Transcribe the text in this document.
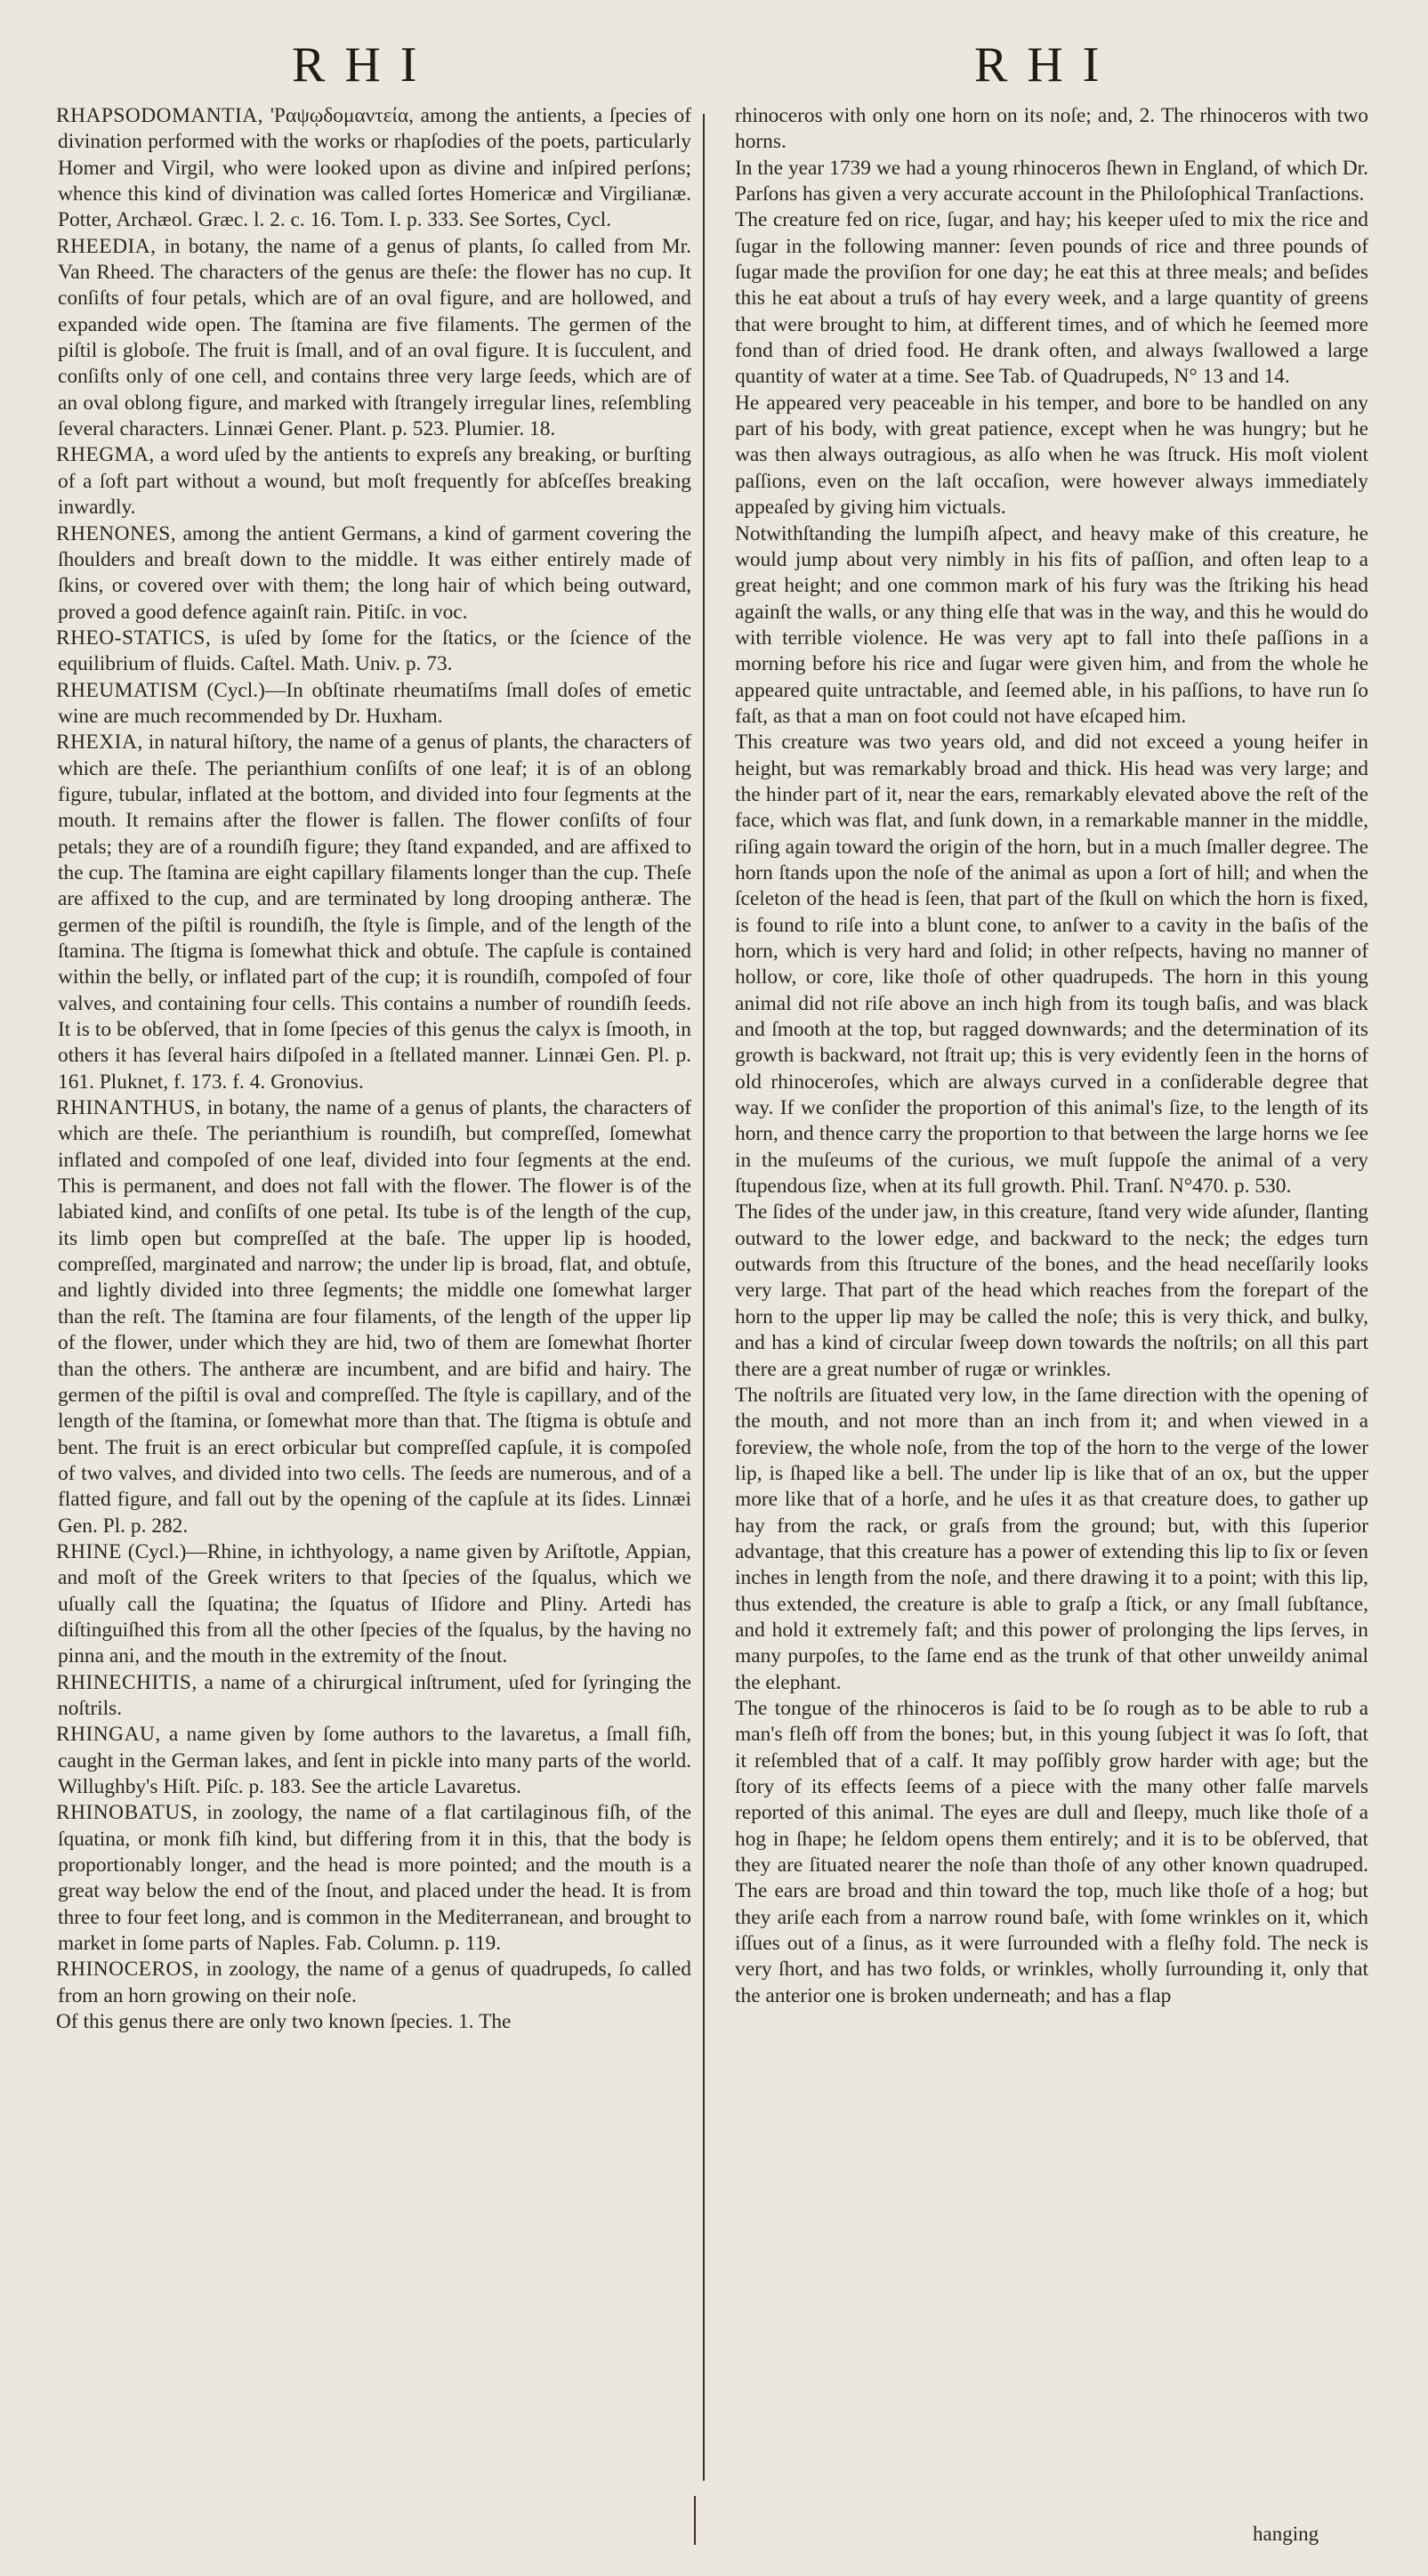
RHI	RHI

RHAPSODOMANTIA, 'Ραψῳδομαντεία, among the antients, a ſpecies of divination performed with the works or rhapſodies of the poets, particularly Homer and Virgil, who were looked upon as divine and inſpired perſons; whence this kind of divination was called ſortes Homericæ and Virgilianæ. Potter, Archæol. Græc. l. 2. c. 16. Tom. I. p. 333. See Sortes, Cycl.

RHEEDIA, in botany, the name of a genus of plants, ſo called from Mr. Van Rheed. The characters of the genus are theſe: the flower has no cup. It conſiſts of four petals, which are of an oval figure, and are hollowed, and expanded wide open. The ſtamina are five filaments. The germen of the piſtil is globoſe. The fruit is ſmall, and of an oval figure. It is ſucculent, and conſiſts only of one cell, and contains three very large ſeeds, which are of an oval oblong figure, and marked with ſtrangely irregular lines, reſembling ſeveral characters. Linnæi Gener. Plant. p. 523. Plumier. 18.

RHEGMA, a word uſed by the antients to expreſs any breaking, or burſting of a ſoft part without a wound, but moſt frequently for abſceſſes breaking inwardly.

RHENONES, among the antient Germans, a kind of garment covering the ſhoulders and breaſt down to the middle. It was either entirely made of ſkins, or covered over with them; the long hair of which being outward, proved a good defence againſt rain. Pitiſc. in voc.

RHEO-STATICS, is uſed by ſome for the ſtatics, or the ſcience of the equilibrium of fluids. Caſtel. Math. Univ. p. 73.

RHEUMATISM (Cycl.)—In obſtinate rheumatiſms ſmall doſes of emetic wine are much recommended by Dr. Huxham.

RHEXIA, in natural hiſtory, the name of a genus of plants, the characters of which are theſe. The perianthium conſiſts of one leaf; it is of an oblong figure, tubular, inflated at the bottom, and divided into four ſegments at the mouth. It remains after the flower is fallen. The flower conſiſts of four petals; they are of a roundiſh figure; they ſtand expanded, and are affixed to the cup. The ſtamina are eight capillary filaments longer than the cup. Theſe are affixed to the cup, and are terminated by long drooping antheræ. The germen of the piſtil is roundiſh, the ſtyle is ſimple, and of the length of the ſtamina. The ſtigma is ſomewhat thick and obtuſe. The capſule is contained within the belly, or inflated part of the cup; it is roundiſh, compoſed of four valves, and containing four cells. This contains a number of roundiſh ſeeds. It is to be obſerved, that in ſome ſpecies of this genus the calyx is ſmooth, in others it has ſeveral hairs diſpoſed in a ſtellated manner. Linnæi Gen. Pl. p. 161. Pluknet, f. 173. f. 4. Gronovius.

RHINANTHUS, in botany, the name of a genus of plants, the characters of which are theſe. The perianthium is roundiſh, but compreſſed, ſomewhat inflated and compoſed of one leaf, divided into four ſegments at the end. This is permanent, and does not fall with the flower. The flower is of the labiated kind, and conſiſts of one petal. Its tube is of the length of the cup, its limb open but compreſſed at the baſe. The upper lip is hooded, compreſſed, marginated and narrow; the under lip is broad, flat, and obtuſe, and lightly divided into three ſegments; the middle one ſomewhat larger than the reſt. The ſtamina are four filaments, of the length of the upper lip of the flower, under which they are hid, two of them are ſomewhat ſhorter than the others. The antheræ are incumbent, and are bifid and hairy. The germen of the piſtil is oval and compreſſed. The ſtyle is capillary, and of the length of the ſtamina, or ſomewhat more than that. The ſtigma is obtuſe and bent. The fruit is an erect orbicular but compreſſed capſule, it is compoſed of two valves, and divided into two cells. The ſeeds are numerous, and of a flatted figure, and fall out by the opening of the capſule at its ſides. Linnæi Gen. Pl. p. 282.

RHINE (Cycl.)—Rhine, in ichthyology, a name given by Ariſtotle, Appian, and moſt of the Greek writers to that ſpecies of the ſqualus, which we uſually call the ſquatina; the ſquatus of Iſidore and Pliny. Artedi has diſtinguiſhed this from all the other ſpecies of the ſqualus, by the having no pinna ani, and the mouth in the extremity of the ſnout.

RHINECHITIS, a name of a chirurgical inſtrument, uſed for ſyringing the noſtrils.

RHINGAU, a name given by ſome authors to the lavaretus, a ſmall fiſh, caught in the German lakes, and ſent in pickle into many parts of the world. Willughby's Hiſt. Piſc. p. 183. See the article Lavaretus.

RHINOBATUS, in zoology, the name of a flat cartilaginous fiſh, of the ſquatina, or monk fiſh kind, but differing from it in this, that the body is proportionably longer, and the head is more pointed; and the mouth is a great way below the end of the ſnout, and placed under the head. It is from three to four feet long, and is common in the Mediterranean, and brought to market in ſome parts of Naples. Fab. Column. p. 119.

RHINOCEROS, in zoology, the name of a genus of quadrupeds, ſo called from an horn growing on their noſe.

Of this genus there are only two known ſpecies. 1. The

rhinoceros with only one horn on its noſe; and, 2. The rhinoceros with two horns.

In the year 1739 we had a young rhinoceros ſhewn in England, of which Dr. Parſons has given a very accurate account in the Philoſophical Tranſactions.

The creature fed on rice, ſugar, and hay; his keeper uſed to mix the rice and ſugar in the following manner: ſeven pounds of rice and three pounds of ſugar made the proviſion for one day; he eat this at three meals; and beſides this he eat about a truſs of hay every week, and a large quantity of greens that were brought to him, at different times, and of which he ſeemed more fond than of dried food. He drank often, and always ſwallowed a large quantity of water at a time. See Tab. of Quadrupeds, N° 13 and 14.

He appeared very peaceable in his temper, and bore to be handled on any part of his body, with great patience, except when he was hungry; but he was then always outragious, as alſo when he was ſtruck. His moſt violent paſſions, even on the laſt occaſion, were however always immediately appeaſed by giving him victuals.

Notwithſtanding the lumpiſh aſpect, and heavy make of this creature, he would jump about very nimbly in his fits of paſſion, and often leap to a great height; and one common mark of his fury was the ſtriking his head againſt the walls, or any thing elſe that was in the way, and this he would do with terrible violence. He was very apt to fall into theſe paſſions in a morning before his rice and ſugar were given him, and from the whole he appeared quite untractable, and ſeemed able, in his paſſions, to have run ſo faſt, as that a man on foot could not have eſcaped him.

This creature was two years old, and did not exceed a young heifer in height, but was remarkably broad and thick. His head was very large; and the hinder part of it, near the ears, remarkably elevated above the reſt of the face, which was flat, and ſunk down, in a remarkable manner in the middle, riſing again toward the origin of the horn, but in a much ſmaller degree. The horn ſtands upon the noſe of the animal as upon a ſort of hill; and when the ſceleton of the head is ſeen, that part of the ſkull on which the horn is fixed, is found to riſe into a blunt cone, to anſwer to a cavity in the baſis of the horn, which is very hard and ſolid; in other reſpects, having no manner of hollow, or core, like thoſe of other quadrupeds. The horn in this young animal did not riſe above an inch high from its tough baſis, and was black and ſmooth at the top, but ragged downwards; and the determination of its growth is backward, not ſtrait up; this is very evidently ſeen in the horns of old rhinoceroſes, which are always curved in a conſiderable degree that way. If we conſider the proportion of this animal's ſize, to the length of its horn, and thence carry the proportion to that between the large horns we ſee in the muſeums of the curious, we muſt ſuppoſe the animal of a very ſtupendous ſize, when at its full growth. Phil. Tranſ. N°470. p. 530.

The ſides of the under jaw, in this creature, ſtand very wide aſunder, ſlanting outward to the lower edge, and backward to the neck; the edges turn outwards from this ſtructure of the bones, and the head neceſſarily looks very large. That part of the head which reaches from the forepart of the horn to the upper lip may be called the noſe; this is very thick, and bulky, and has a kind of circular ſweep down towards the noſtrils; on all this part there are a great number of rugæ or wrinkles.

The noſtrils are ſituated very low, in the ſame direction with the opening of the mouth, and not more than an inch from it; and when viewed in a foreview, the whole noſe, from the top of the horn to the verge of the lower lip, is ſhaped like a bell. The under lip is like that of an ox, but the upper more like that of a horſe, and he uſes it as that creature does, to gather up hay from the rack, or graſs from the ground; but, with this ſuperior advantage, that this creature has a power of extending this lip to ſix or ſeven inches in length from the noſe, and there drawing it to a point; with this lip, thus extended, the creature is able to graſp a ſtick, or any ſmall ſubſtance, and hold it extremely faſt; and this power of prolonging the lips ſerves, in many purpoſes, to the ſame end as the trunk of that other unweildy animal the elephant.

The tongue of the rhinoceros is ſaid to be ſo rough as to be able to rub a man's fleſh off from the bones; but, in this young ſubject it was ſo ſoft, that it reſembled that of a calf. It may poſſibly grow harder with age; but the ſtory of its effects ſeems of a piece with the many other falſe marvels reported of this animal. The eyes are dull and ſleepy, much like thoſe of a hog in ſhape; he ſeldom opens them entirely; and it is to be obſerved, that they are ſituated nearer the noſe than thoſe of any other known quadruped. The ears are broad and thin toward the top, much like thoſe of a hog; but they ariſe each from a narrow round baſe, with ſome wrinkles on it, which iſſues out of a ſinus, as it were ſurrounded with a fleſhy fold. The neck is very ſhort, and has two folds, or wrinkles, wholly ſurrounding it, only that the anterior one is broken underneath; and has a flap

hanging
